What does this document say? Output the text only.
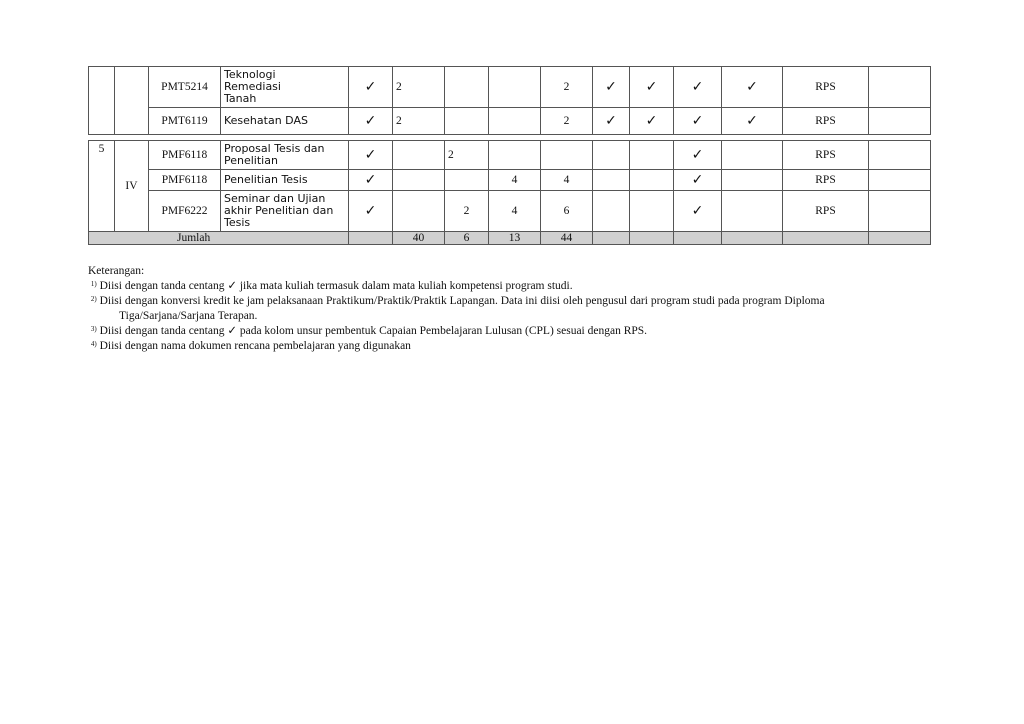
		PMT5214	Teknologi
Remediasi
Tanah	✓	2			2	✓	✓	✓	✓	RPS	
		PMT6119	Kesehatan DAS	✓	2			2	✓	✓	✓	✓	RPS	
5	IV	PMF6118	Proposal Tesis dan
Penelitian	✓		2					✓		RPS	
		PMF6118	Penelitian Tesis	✓			4	4			✓		RPS	
		PMF6222	Seminar dan Ujian
akhir Penelitian dan
Tesis	✓		2	4	6			✓		RPS	
Jumlah					40	6	13	44						
Keterangan:
$^{1)}$ Diisi dengan tanda centang ✓ jika mata kuliah termasuk dalam mata kuliah kompetensi program studi.
$^{2)}$ Diisi dengan konversi kredit ke jam pelaksanaan Praktikum/Praktik/Praktik Lapangan. Data ini diisi oleh pengusul dari program studi pada program Diploma
Tiga/Sarjana/Sarjana Terapan.
$^{3)}$ Diisi dengan tanda centang ✓ pada kolom unsur pembentuk Capaian Pembelajaran Lulusan (CPL) sesuai dengan RPS.
$^{4)}$ Diisi dengan nama dokumen rencana pembelajaran yang digunakan
